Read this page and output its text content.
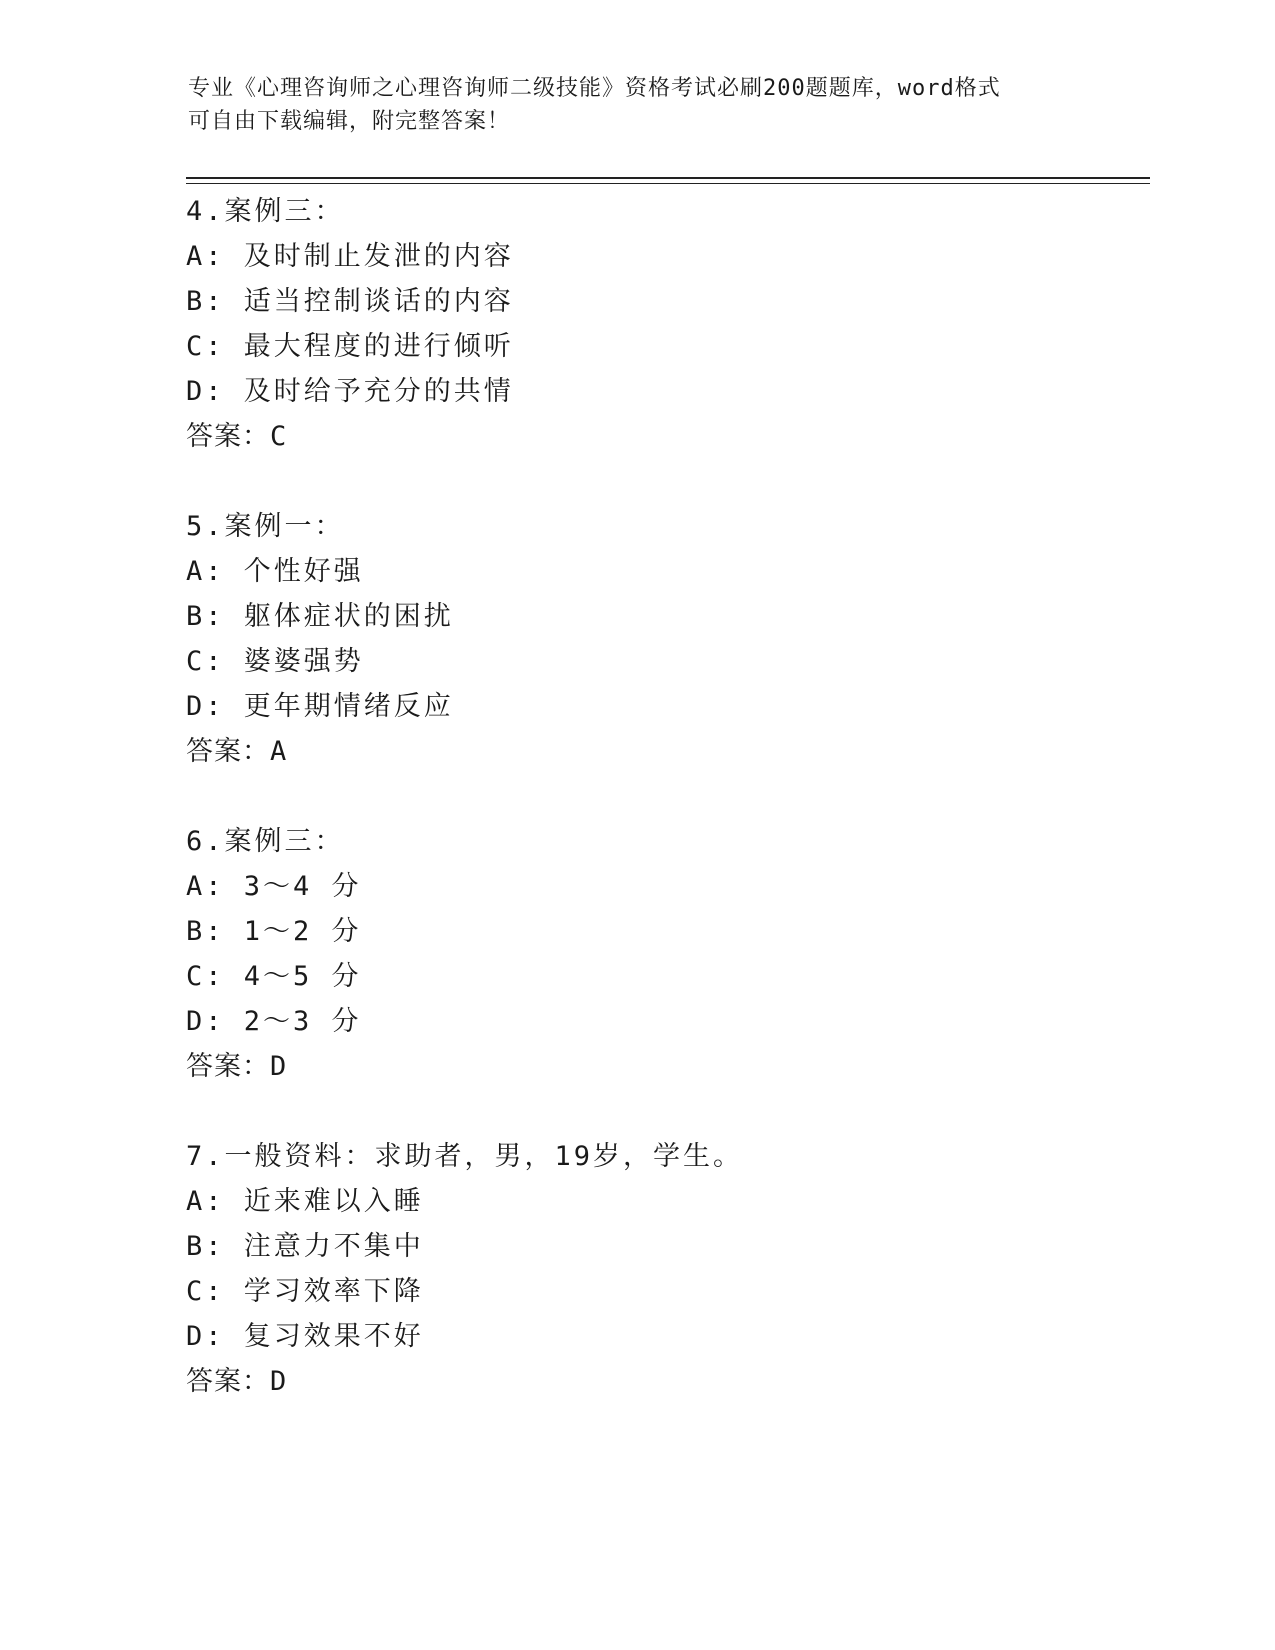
专业《心理咨询师之心理咨询师二级技能》资格考试必刷200题题库，word格式
可自由下载编辑，附完整答案！
4.案例三：
A: 及时制止发泄的内容
B: 适当控制谈话的内容
C: 最大程度的进行倾听
D: 及时给予充分的共情
答案：C
5.案例一：
A: 个性好强
B: 躯体症状的困扰
C: 婆婆强势
D: 更年期情绪反应
答案：A
6.案例三：
A: 3～4 分
B: 1～2 分
C: 4～5 分
D: 2～3 分
答案：D
7.一般资料：求助者，男，19岁，学生。
A: 近来难以入睡
B: 注意力不集中
C: 学习效率下降
D: 复习效果不好
答案：D
